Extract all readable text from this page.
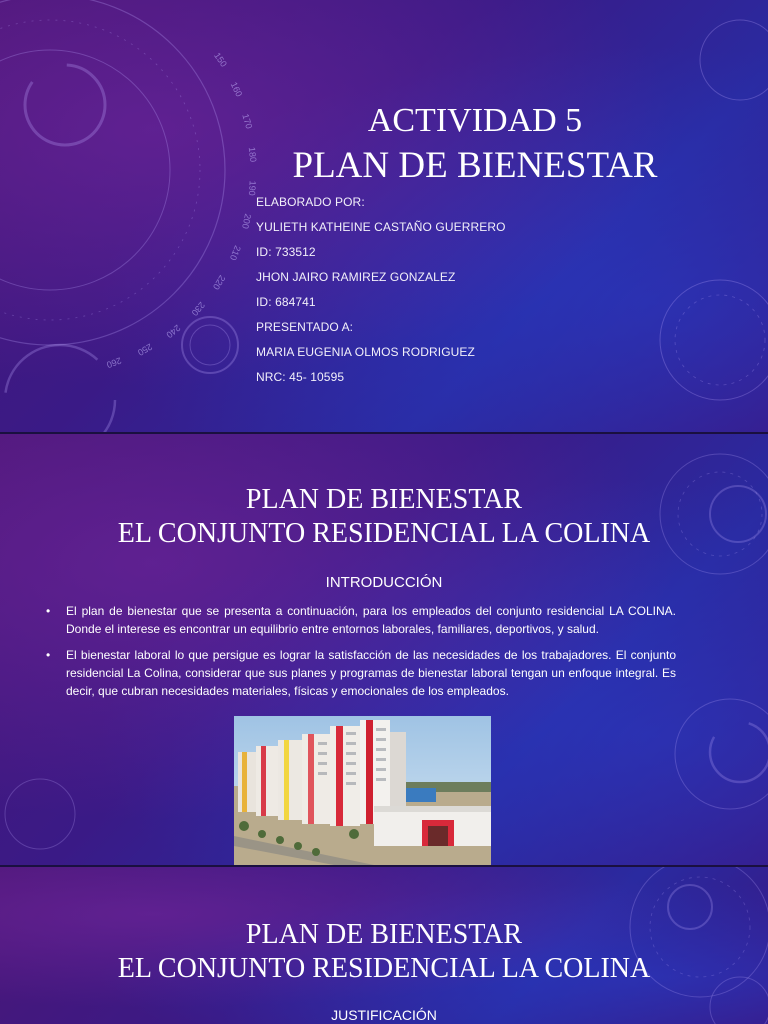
150
160
170
180
190
200
210
220
230
240
250
260
ACTIVIDAD 5
PLAN DE BIENESTAR
ELABORADO POR:
YULIETH KATHEINE CASTAÑO GUERRERO
ID: 733512
JHON JAIRO RAMIREZ GONZALEZ
ID: 684741
PRESENTADO A:
MARIA EUGENIA OLMOS RODRIGUEZ
NRC: 45- 10595
PLAN DE BIENESTAR
EL CONJUNTO RESIDENCIAL LA COLINA
INTRODUCCIÓN
• El plan de bienestar que se presenta a continuación, para los empleados del conjunto residencial LA COLINA. Donde el interese es encontrar un equilibrio entre entornos laborales, familiares, deportivos, y salud.
• El bienestar laboral lo que persigue es lograr la satisfacción de las necesidades de los trabajadores. El conjunto residencial La Colina, considerar que sus planes y programas de bienestar laboral tengan un enfoque integral. Es decir, que cubran necesidades materiales, físicas y emocionales de los empleados.
PLAN DE BIENESTAR
EL CONJUNTO RESIDENCIAL LA COLINA
JUSTIFICACIÓN
